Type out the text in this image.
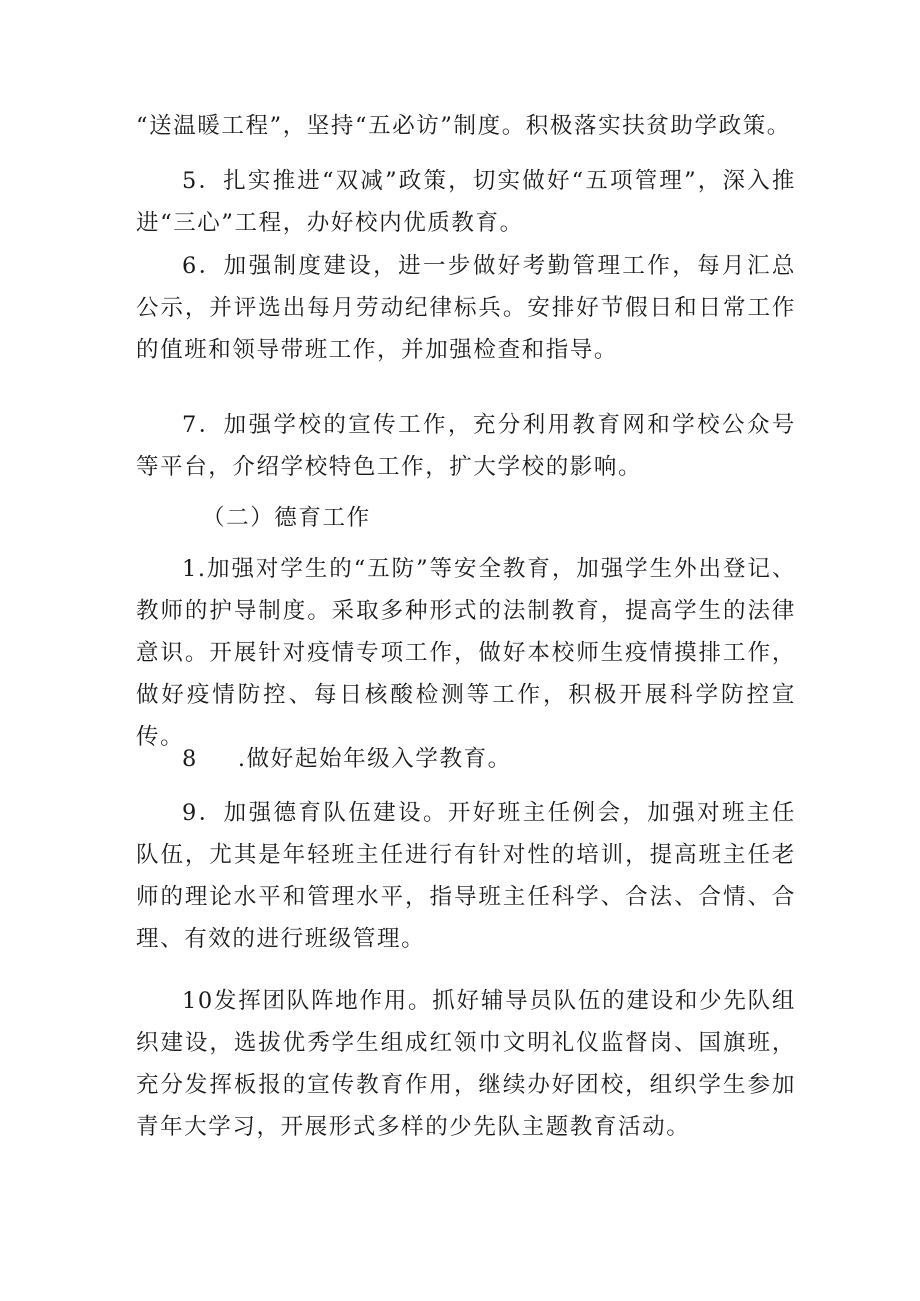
“送温暖工程”，坚持“五必访”制度。积极落实扶贫助学政策。

5．扎实推进“双减”政策，切实做好“五项管理”，深入推进“三心”工程，办好校内优质教育。

6．加强制度建设，进一步做好考勤管理工作，每月汇总公示，并评选出每月劳动纪律标兵。安排好节假日和日常工作的值班和领导带班工作，并加强检查和指导。

7．加强学校的宣传工作，充分利用教育网和学校公众号等平台，介绍学校特色工作，扩大学校的影响。

（二）德育工作

1.加强对学生的“五防”等安全教育，加强学生外出登记、教师的护导制度。采取多种形式的法制教育，提高学生的法律意识。开展针对疫情专项工作，做好本校师生疫情摸排工作，做好疫情防控、每日核酸检测等工作，积极开展科学防控宣传。

8 .做好起始年级入学教育。

9．加强德育队伍建设。开好班主任例会，加强对班主任队伍，尤其是年轻班主任进行有针对性的培训，提高班主任老师的理论水平和管理水平，指导班主任科学、合法、合情、合理、有效的进行班级管理。

10发挥团队阵地作用。抓好辅导员队伍的建设和少先队组织建设，选拔优秀学生组成红领巾文明礼仪监督岗、国旗班，充分发挥板报的宣传教育作用，继续办好团校，组织学生参加青年大学习，开展形式多样的少先队主题教育活动。
